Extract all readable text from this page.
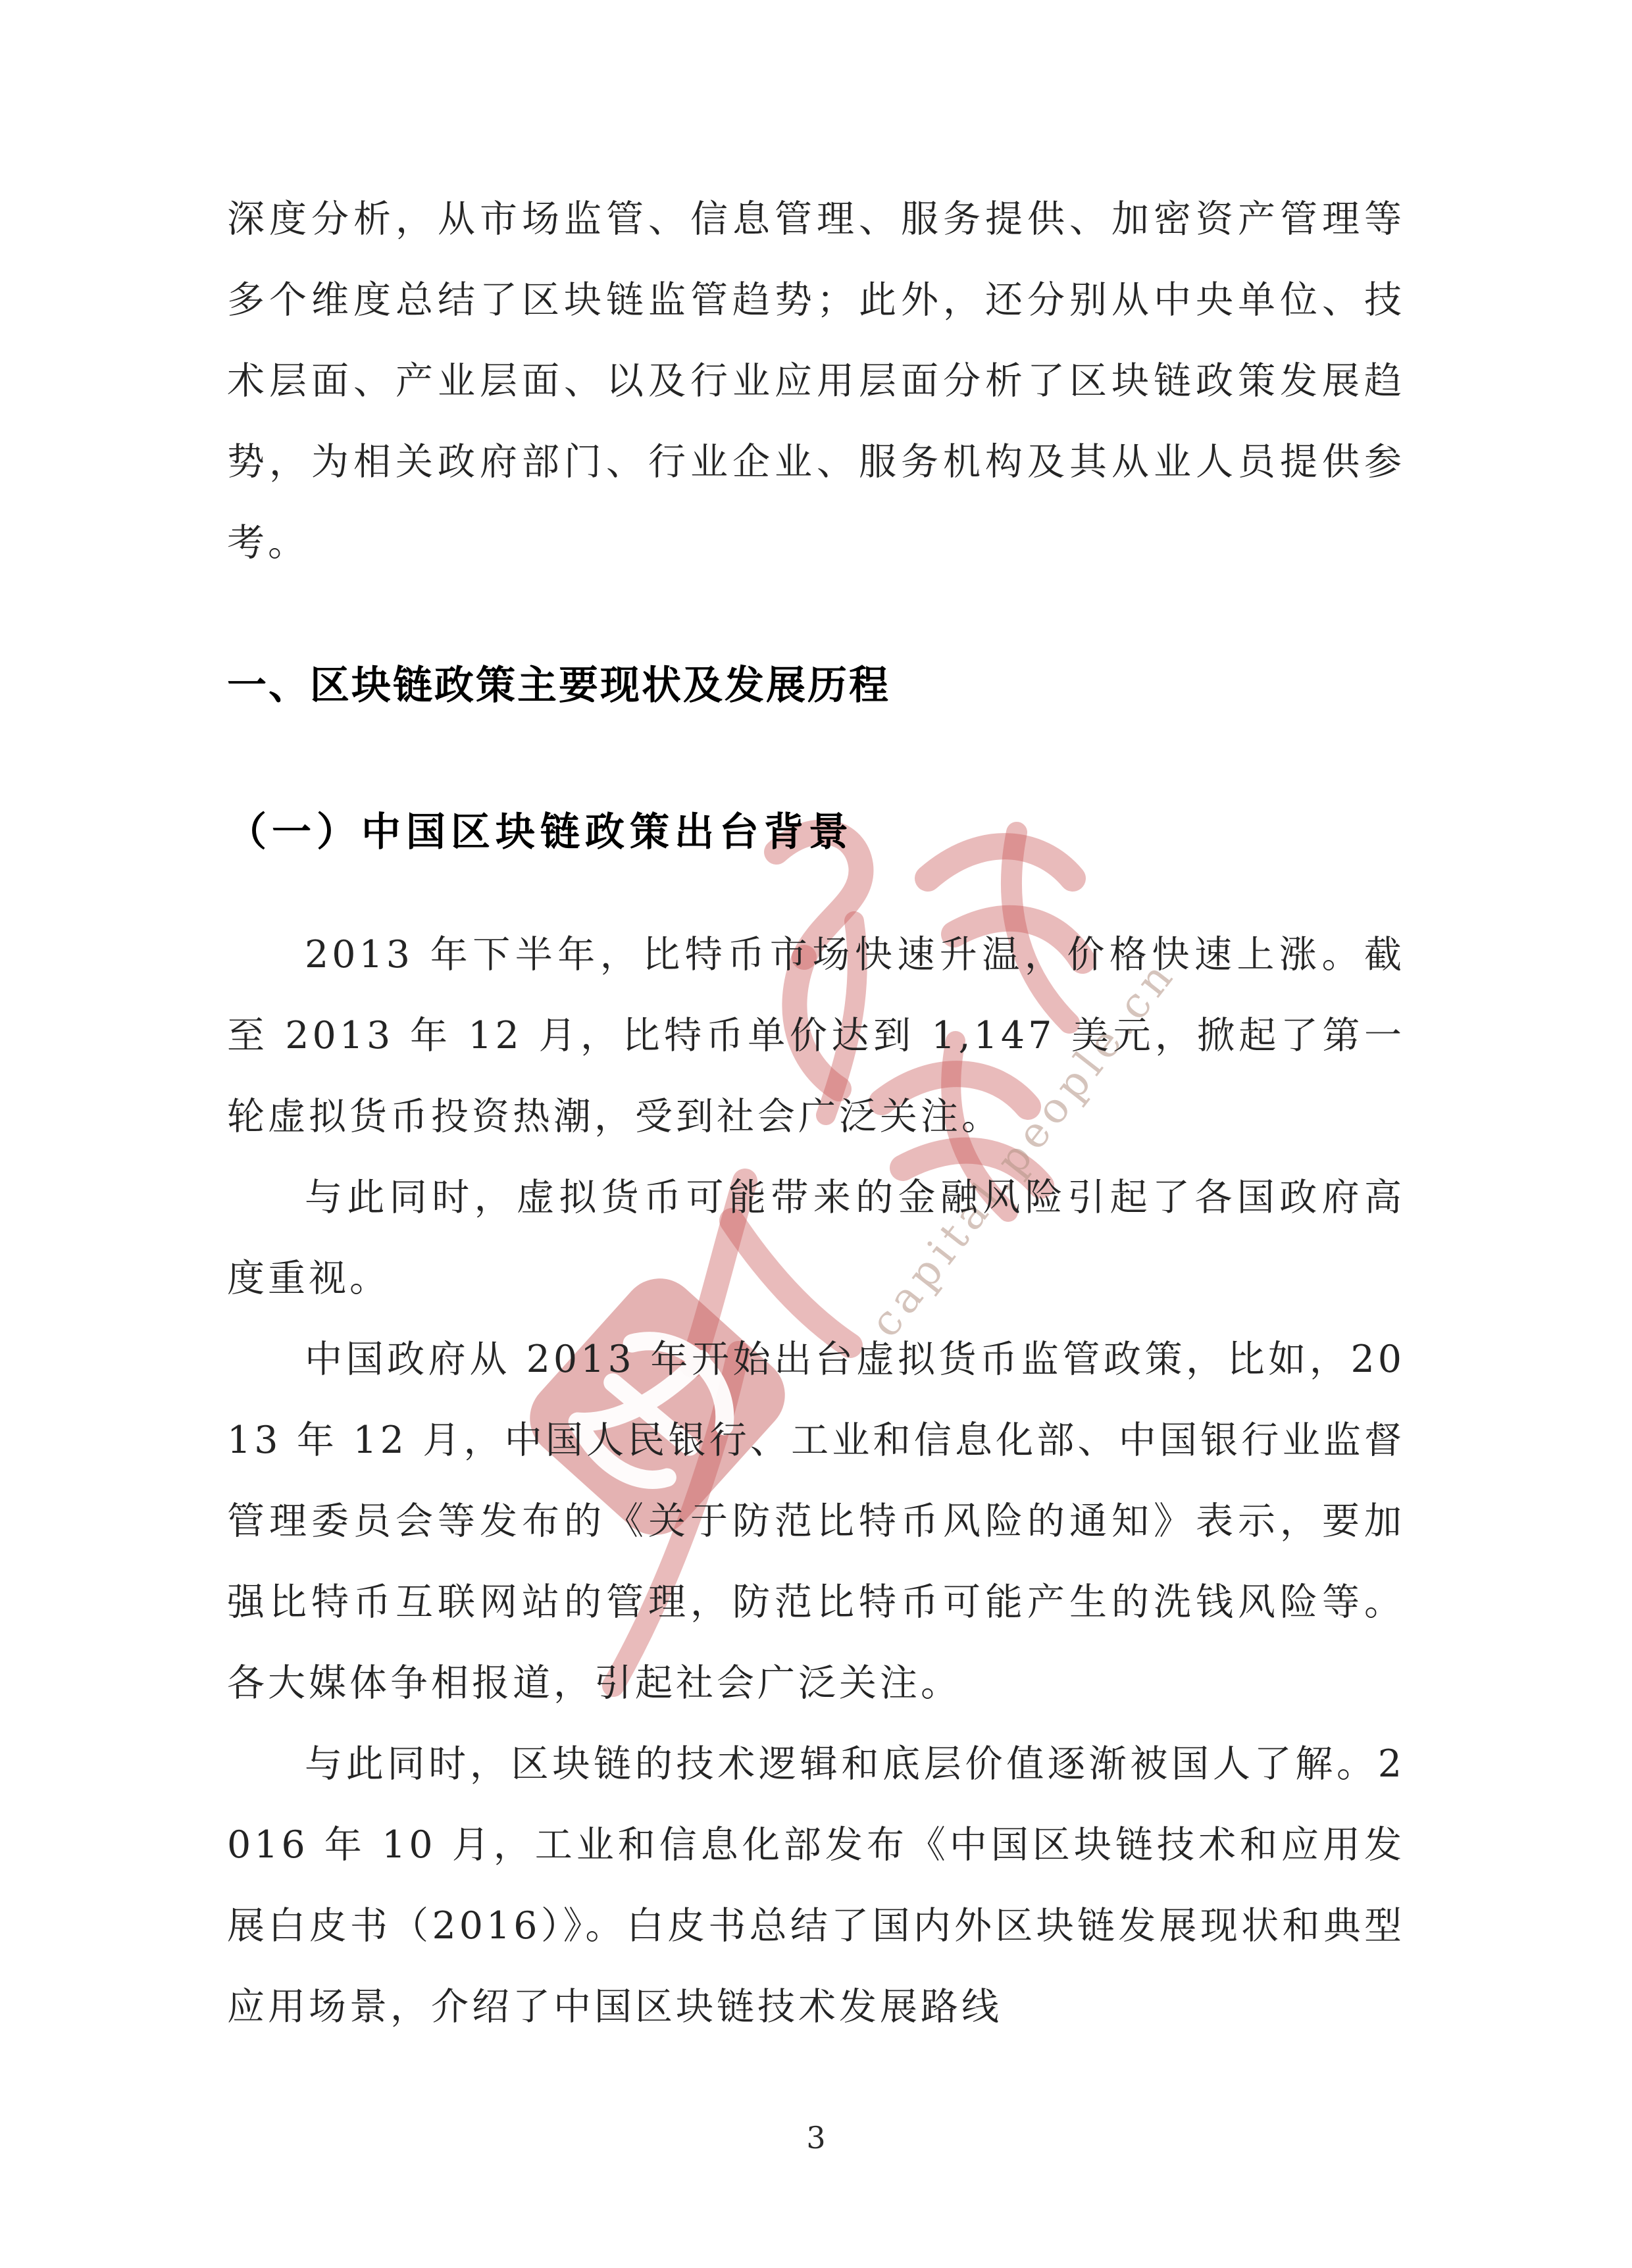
capital.people.cn

深度分析，从市场监管、信息管理、服务提供、加密资产管理等多个维度总结了区块链监管趋势；此外，还分别从中央单位、技术层面、产业层面、以及行业应用层面分析了区块链政策发展趋势，为相关政府部门、行业企业、服务机构及其从业人员提供参考。

一、区块链政策主要现状及发展历程
（一）中国区块链政策出台背景

2013 年下半年，比特币市场快速升温，价格快速上涨。截至 2013 年 12 月，比特币单价达到 1,147 美元，掀起了第一轮虚拟货币投资热潮，受到社会广泛关注。

与此同时，虚拟货币可能带来的金融风险引起了各国政府高度重视。

中国政府从 2013 年开始出台虚拟货币监管政策，比如，2013 年 12 月，中国人民银行、工业和信息化部、中国银行业监督管理委员会等发布的《关于防范比特币风险的通知》表示，要加强比特币互联网站的管理，防范比特币可能产生的洗钱风险等。各大媒体争相报道，引起社会广泛关注。

与此同时，区块链的技术逻辑和底层价值逐渐被国人了解。2016 年 10 月，工业和信息化部发布《中国区块链技术和应用发展白皮书（2016）》。白皮书总结了国内外区块链发展现状和典型应用场景，介绍了中国区块链技术发展路线

3
